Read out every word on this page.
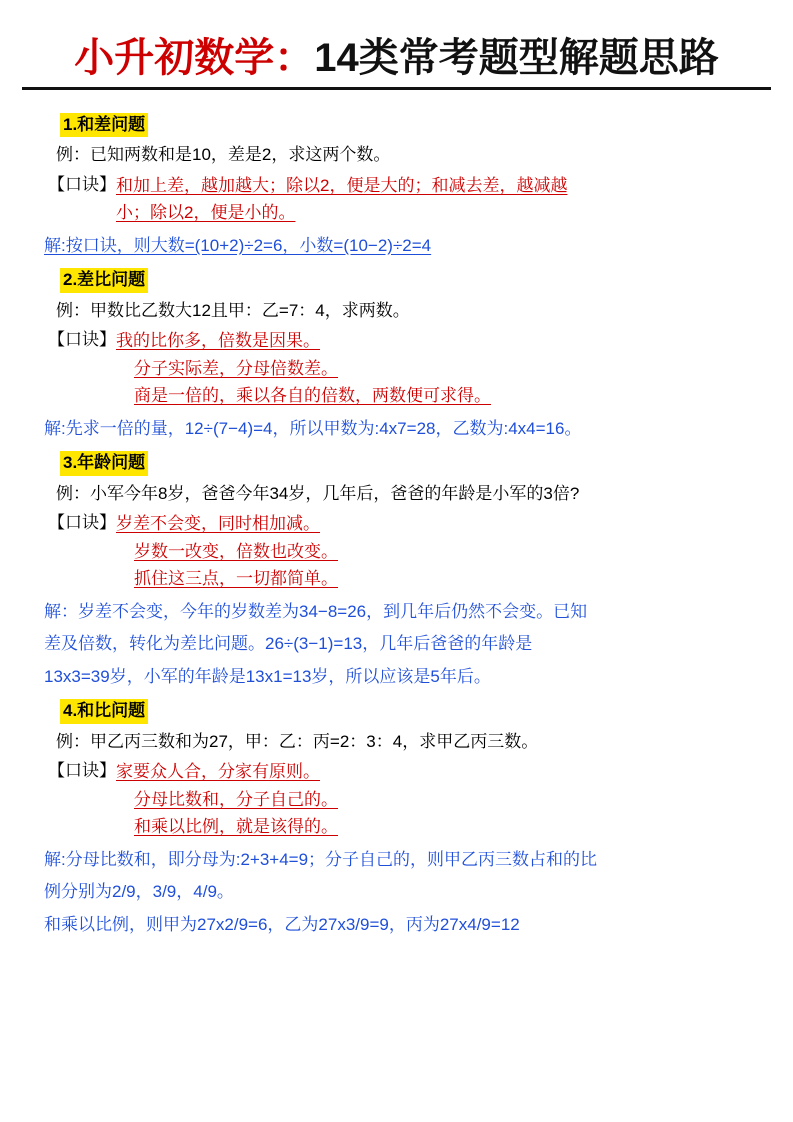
小升初数学：14类常考题型解题思路
1.和差问题
例：已知两数和是10，差是2，求这两个数。
【口诀】 和加上差，越加越大；除以2，便是大的；和减去差，越减越
小；除以2，便是小的。
解:按口诀，则大数=(10+2)÷2=6，小数=(10−2)÷2=4
2.差比问题
例：甲数比乙数大12且甲：乙=7：4，求两数。
【口诀】 我的比你多，倍数是因果。
分子实际差，分母倍数差。
商是一倍的，乘以各自的倍数，两数便可求得。
解:先求一倍的量，12÷(7−4)=4，所以甲数为:4x7=28，乙数为:4x4=16。
3.年龄问题
例：小军今年8岁，爸爸今年34岁，几年后，爸爸的年龄是小军的3倍?
【口诀】 岁差不会变，同时相加减。
岁数一改变，倍数也改变。
抓住这三点，一切都简单。
解：岁差不会变，今年的岁数差为34−8=26，到几年后仍然不会变。已知
差及倍数，转化为差比问题。26÷(3−1)=13，几年后爸爸的年龄是
13x3=39岁，小军的年龄是13x1=13岁，所以应该是5年后。
4.和比问题
例：甲乙丙三数和为27，甲：乙：丙=2：3：4，求甲乙丙三数。
【口诀】 家要众人合，分家有原则。
分母比数和，分子自己的。
和乘以比例，就是该得的。
解:分母比数和，即分母为:2+3+4=9；分子自己的，则甲乙丙三数占和的比
例分别为2/9，3/9，4/9。
和乘以比例，则甲为27x2/9=6，乙为27x3/9=9，丙为27x4/9=12
